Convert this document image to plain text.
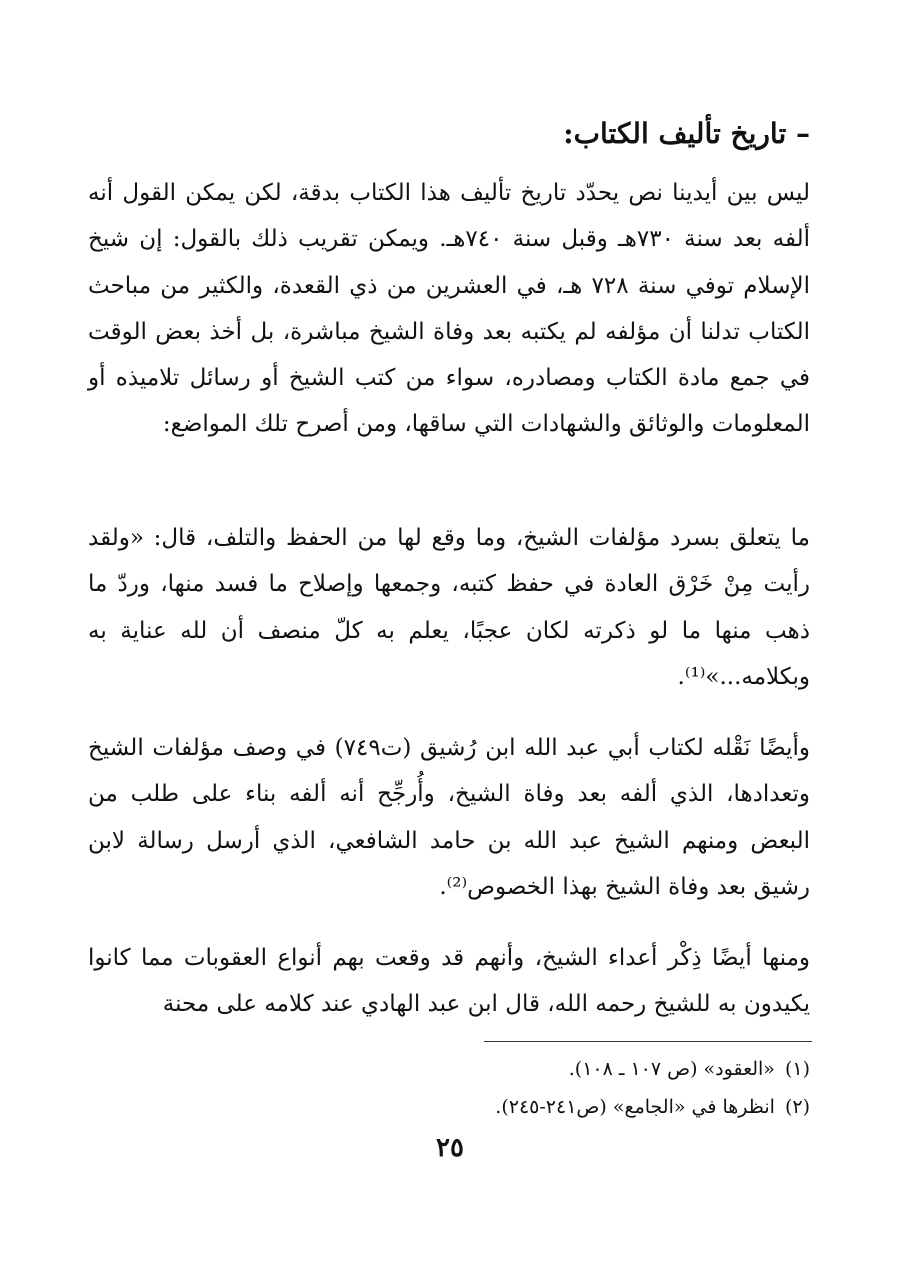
– تاريخ تأليف الكتاب:

ليس بين أيدينا نص يحدّد تاريخ تأليف هذا الكتاب بدقة، لكن يمكن القول أنه ألفه بعد سنة ٧٣٠هـ وقبل سنة ٧٤٠هـ. ويمكن تقريب ذلك بالقول: إن شيخ الإسلام توفي سنة ٧٢٨ هـ، في العشرين من ذي القعدة، والكثير من مباحث الكتاب تدلنا أن مؤلفه لم يكتبه بعد وفاة الشيخ مباشرة، بل أخذ بعض الوقت في جمع مادة الكتاب ومصادره، سواء من كتب الشيخ أو رسائل تلاميذه أو المعلومات والوثائق والشهادات التي ساقها، ومن أصرح تلك المواضع:

ما يتعلق بسرد مؤلفات الشيخ، وما وقع لها من الحفظ والتلف، قال: «ولقد رأيت مِنْ خَرْق العادة في حفظ كتبه، وجمعها وإصلاح ما فسد منها، وردّ ما ذهب منها ما لو ذكرته لكان عجبًا، يعلم به كلّ منصف أن لله عناية به وبكلامه...»⁽¹⁾.

وأيضًا نَقْله لكتاب أبي عبد الله ابن رُشيق (ت٧٤٩) في وصف مؤلفات الشيخ وتعدادها، الذي ألفه بعد وفاة الشيخ، وأُرجِّح أنه ألفه بناء على طلب من البعض ومنهم الشيخ عبد الله بن حامد الشافعي، الذي أرسل رسالة لابن رشيق بعد وفاة الشيخ بهذا الخصوص⁽²⁾.

ومنها أيضًا ذِكْر أعداء الشيخ، وأنهم قد وقعت بهم أنواع العقوبات مما كانوا يكيدون به للشيخ رحمه الله، قال ابن عبد الهادي عند كلامه على محنة

(١)«العقود» (ص ١٠٧ ـ ١٠٨).
(٢)انظرها في «الجامع» (ص٢٤١-٢٤٥).
٢٥
